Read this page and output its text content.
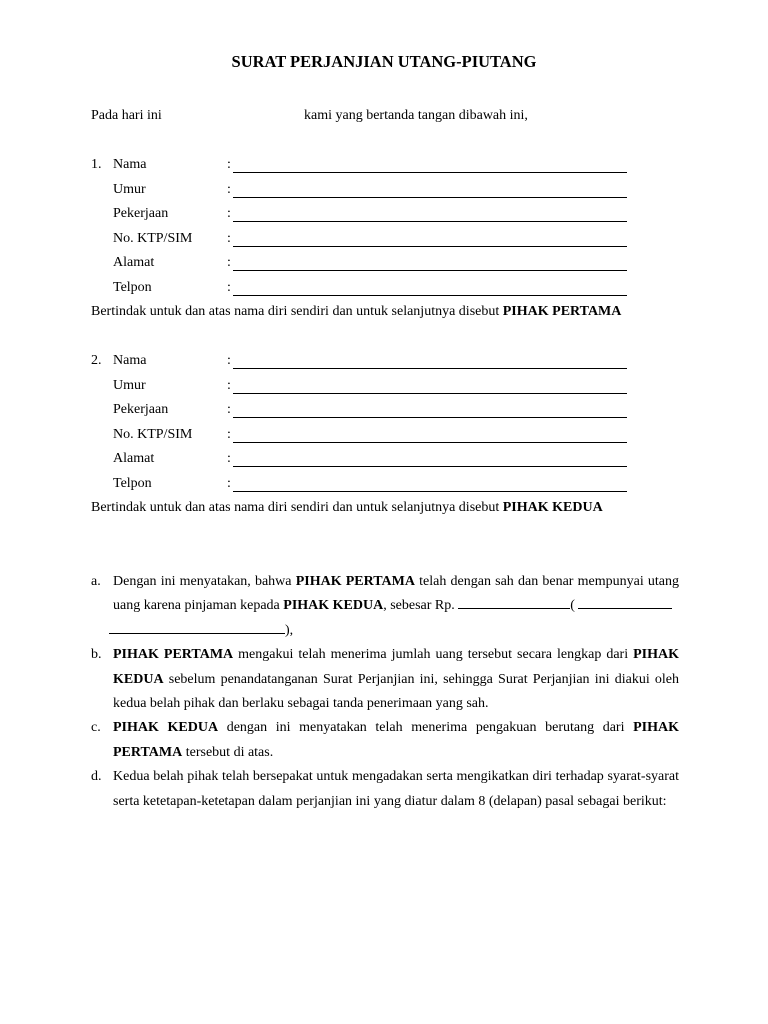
SURAT PERJANJIAN UTANG-PIUTANG
Pada hari ini	kami yang bertanda tangan dibawah ini,
1. Nama	:
Umur	:
Pekerjaan	:
No. KTP/SIM :
Alamat	:
Telpon	:
Bertindak untuk dan atas nama diri sendiri dan untuk selanjutnya disebut PIHAK PERTAMA
2. Nama	:
Umur	:
Pekerjaan	:
No. KTP/SIM :
Alamat	:
Telpon	:
Bertindak untuk dan atas nama diri sendiri dan untuk selanjutnya disebut PIHAK KEDUA
a. Dengan ini menyatakan, bahwa PIHAK PERTAMA telah dengan sah dan benar mempunyai utang uang karena pinjaman kepada PIHAK KEDUA, sebesar Rp.	(
),
b. PIHAK PERTAMA mengakui telah menerima jumlah uang tersebut secara lengkap dari PIHAK KEDUA sebelum penandatanganan Surat Perjanjian ini, sehingga Surat Perjanjian ini diakui oleh kedua belah pihak dan berlaku sebagai tanda penerimaan yang sah.
c. PIHAK KEDUA dengan ini menyatakan telah menerima pengakuan berutang dari PIHAK PERTAMA tersebut di atas.
d. Kedua belah pihak telah bersepakat untuk mengadakan serta mengikatkan diri terhadap syarat-syarat serta ketetapan-ketetapan dalam perjanjian ini yang diatur dalam 8 (delapan) pasal sebagai berikut:
